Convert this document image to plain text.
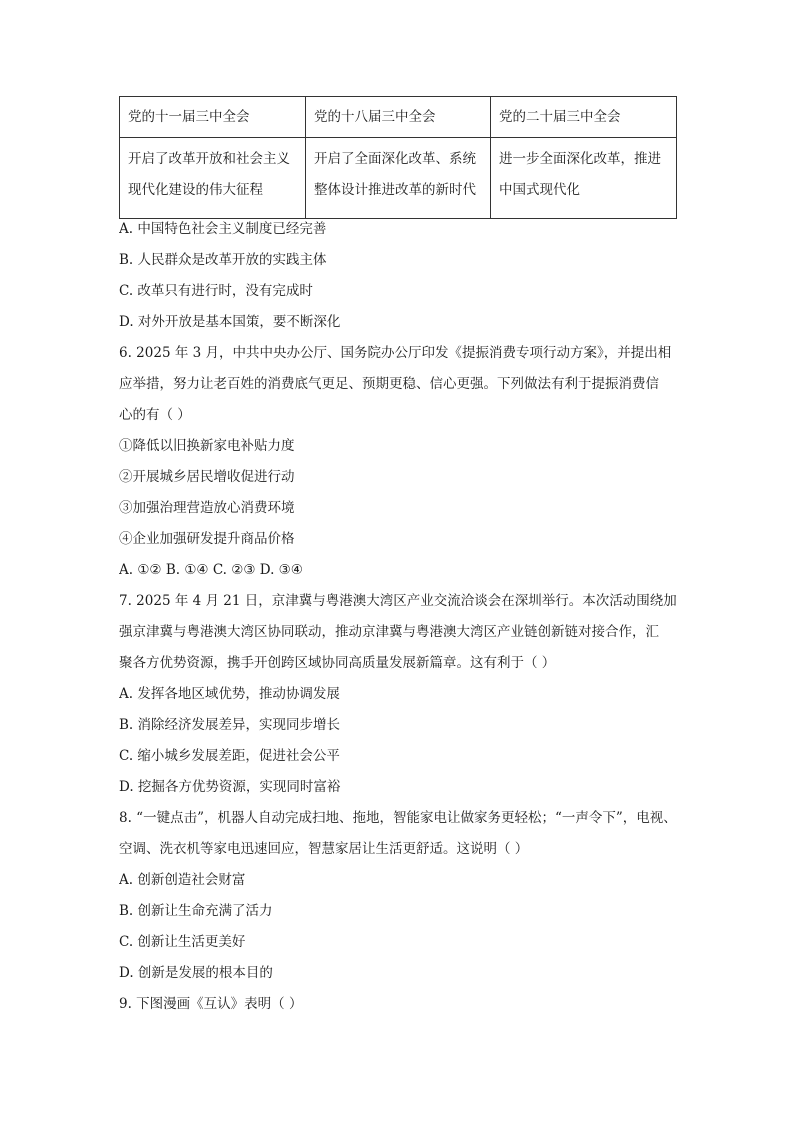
党的十一届三中全会	党的十八届三中全会	党的二十届三中全会
开启了改革开放和社会主义现代化建设的伟大征程	开启了全面深化改革、系统整体设计推进改革的新时代	进一步全面深化改革，推进中国式现代化
A. 中国特色社会主义制度已经完善
B. 人民群众是改革开放的实践主体
C. 改革只有进行时，没有完成时
D. 对外开放是基本国策，要不断深化
6. 2025 年 3 月，中共中央办公厅、国务院办公厅印发《提振消费专项行动方案》，并提出相
应举措，努力让老百姓的消费底气更足、预期更稳、信心更强。下列做法有利于提振消费信
心的有（ ）
①降低以旧换新家电补贴力度
②开展城乡居民增收促进行动
③加强治理营造放心消费环境
④企业加强研发提升商品价格
A. ①② B. ①④ C. ②③ D. ③④
7. 2025 年 4 月 21 日，京津冀与粤港澳大湾区产业交流洽谈会在深圳举行。本次活动围绕加
强京津冀与粤港澳大湾区协同联动，推动京津冀与粤港澳大湾区产业链创新链对接合作，汇
聚各方优势资源，携手开创跨区域协同高质量发展新篇章。这有利于（ ）
A. 发挥各地区域优势，推动协调发展
B. 消除经济发展差异，实现同步增长
C. 缩小城乡发展差距，促进社会公平
D. 挖掘各方优势资源，实现同时富裕
8. “一键点击”，机器人自动完成扫地、拖地，智能家电让做家务更轻松；“一声令下”，电视、
空调、洗衣机等家电迅速回应，智慧家居让生活更舒适。这说明（ ）
A. 创新创造社会财富
B. 创新让生命充满了活力
C. 创新让生活更美好
D. 创新是发展的根本目的
9. 下图漫画《互认》表明（ ）
